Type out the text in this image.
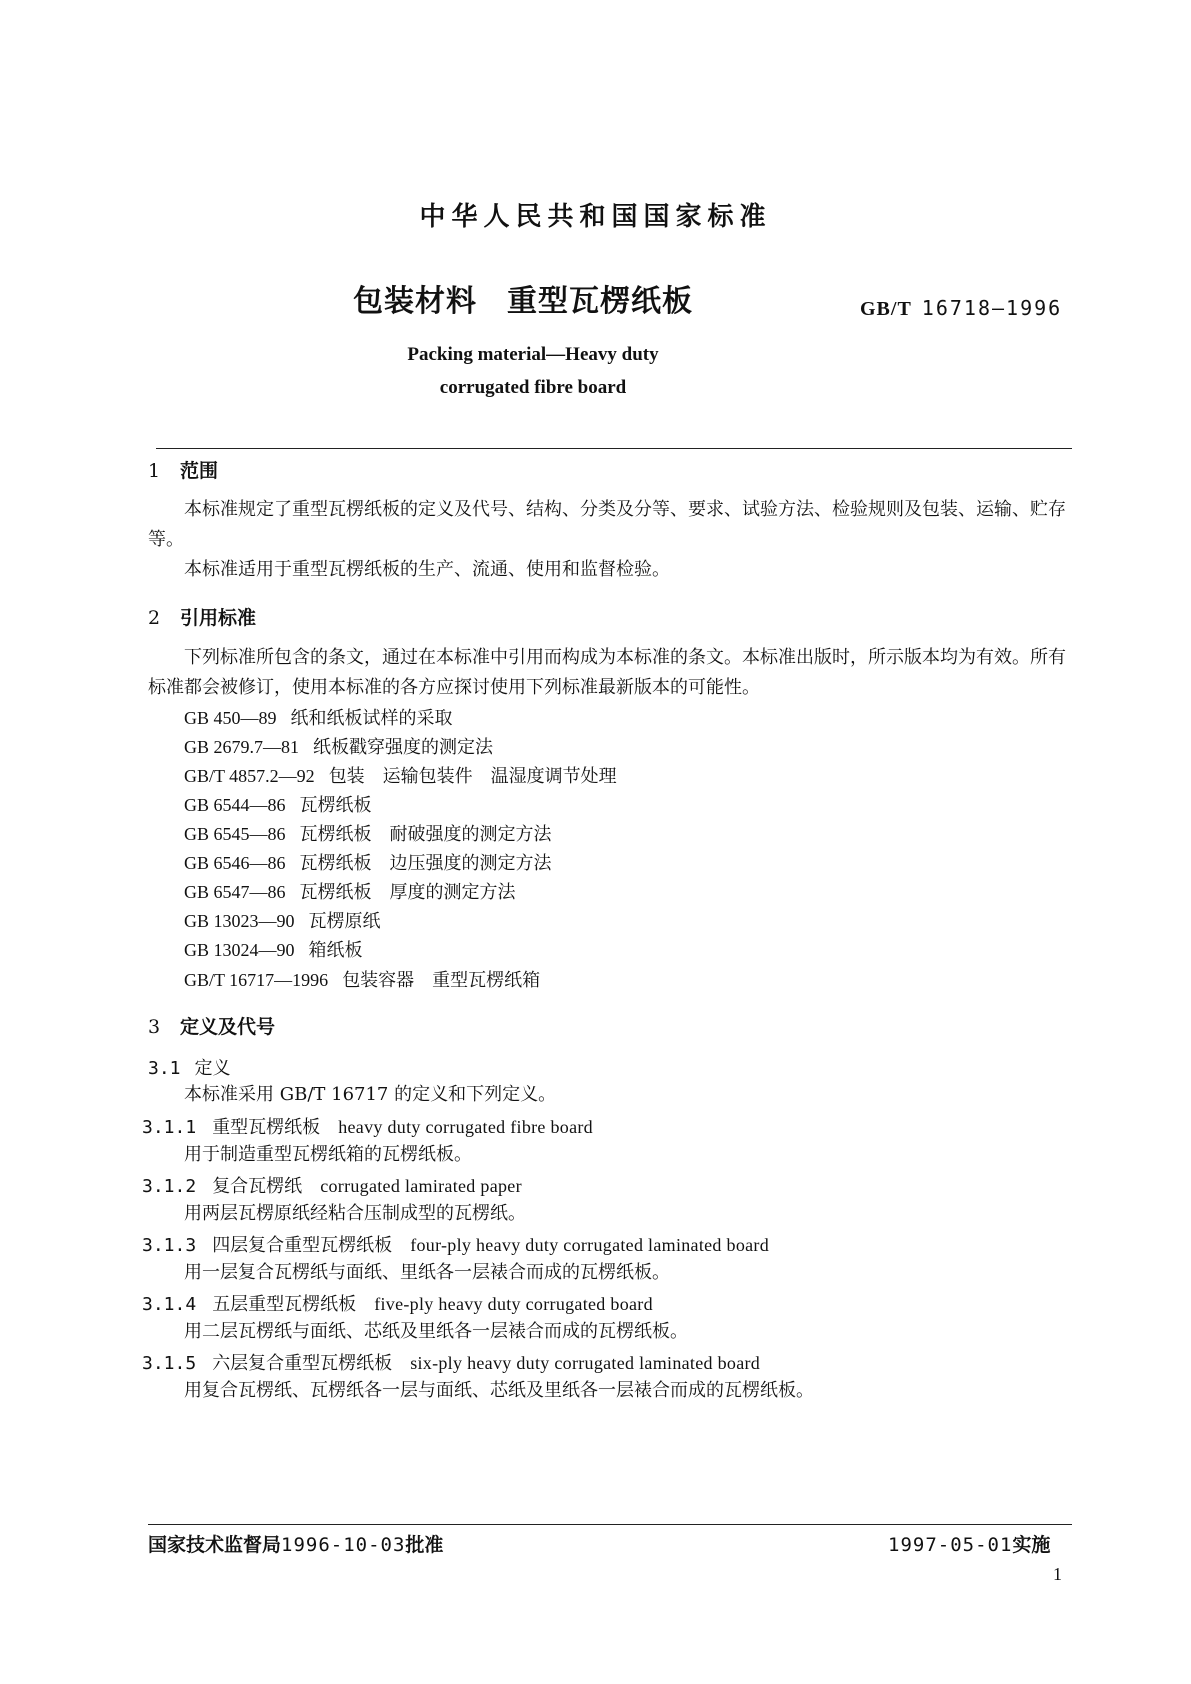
中华人民共和国国家标准
包装材料 重型瓦楞纸板	GB/T 16718—1996
Packing material—Heavy duty
corrugated fibre board
1 范围
本标准规定了重型瓦楞纸板的定义及代号、结构、分类及分等、要求、试验方法、检验规则及包装、运输、贮存等。
本标准适用于重型瓦楞纸板的生产、流通、使用和监督检验。
2 引用标准
下列标准所包含的条文，通过在本标准中引用而构成为本标准的条文。本标准出版时，所示版本均为有效。所有标准都会被修订，使用本标准的各方应探讨使用下列标准最新版本的可能性。
GB 450—89 纸和纸板试样的采取
GB 2679.7—81 纸板戳穿强度的测定法
GB/T 4857.2—92 包装　运输包装件　温湿度调节处理
GB 6544—86 瓦楞纸板
GB 6545—86 瓦楞纸板　耐破强度的测定方法
GB 6546—86 瓦楞纸板　边压强度的测定方法
GB 6547—86 瓦楞纸板　厚度的测定方法
GB 13023—90 瓦楞原纸
GB 13024—90 箱纸板
GB/T 16717—1996 包装容器　重型瓦楞纸箱
3 定义及代号
3.1 定义
本标准采用 GB/T 16717 的定义和下列定义。
3.1.1 重型瓦楞纸板 heavy duty corrugated fibre board
用于制造重型瓦楞纸箱的瓦楞纸板。
3.1.2 复合瓦楞纸 corrugated lamirated paper
用两层瓦楞原纸经粘合压制成型的瓦楞纸。
3.1.3 四层复合重型瓦楞纸板 four-ply heavy duty corrugated laminated board
用一层复合瓦楞纸与面纸、里纸各一层裱合而成的瓦楞纸板。
3.1.4 五层重型瓦楞纸板 five-ply heavy duty corrugated board
用二层瓦楞纸与面纸、芯纸及里纸各一层裱合而成的瓦楞纸板。
3.1.5 六层复合重型瓦楞纸板 six-ply heavy duty corrugated laminated board
用复合瓦楞纸、瓦楞纸各一层与面纸、芯纸及里纸各一层裱合而成的瓦楞纸板。
国家技术监督局1996-10-03批准	1997-05-01实施
1
